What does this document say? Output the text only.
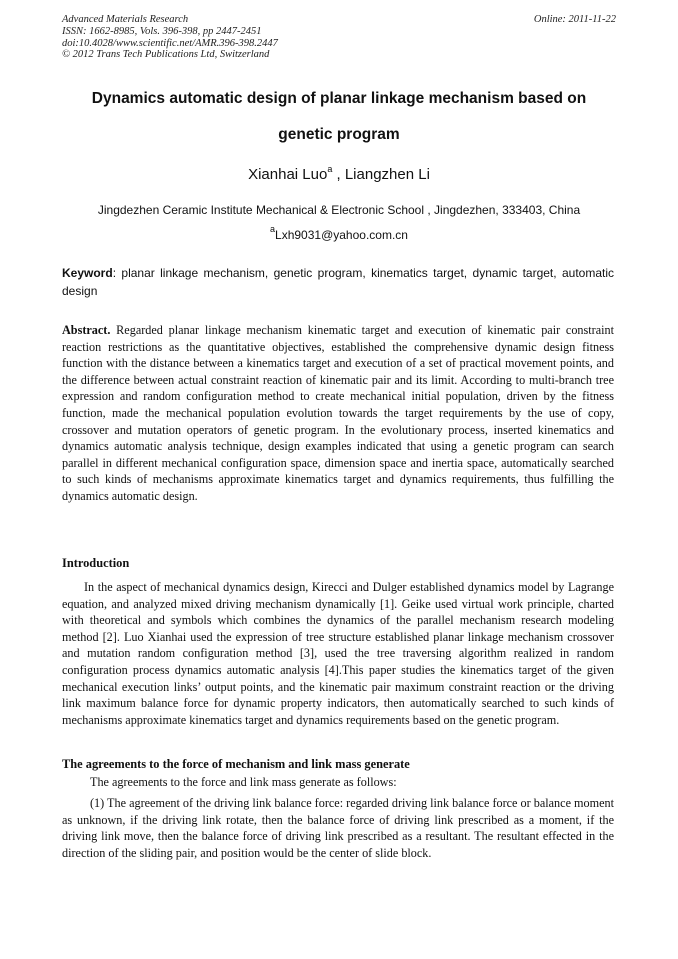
Advanced Materials Research
ISSN: 1662-8985, Vols. 396-398, pp 2447-2451
doi:10.4028/www.scientific.net/AMR.396-398.2447
© 2012 Trans Tech Publications Ltd, Switzerland
Online: 2011-11-22
Dynamics automatic design of planar linkage mechanism based on
genetic program
Xianhai Luo$^a$ , Liangzhen Li
Jingdezhen Ceramic Institute Mechanical & Electronic School , Jingdezhen, 333403, China
$^a$Lxh9031@yahoo.com.cn
Keyword: planar linkage mechanism, genetic program, kinematics target, dynamic target, automatic design
Abstract. Regarded planar linkage mechanism kinematic target and execution of kinematic pair constraint reaction restrictions as the quantitative objectives, established the comprehensive dynamic design fitness function with the distance between a kinematics target and execution of a set of practical movement points, and the difference between actual constraint reaction of kinematic pair and its limit. According to multi-branch tree expression and random configuration method to create mechanical initial population, driven by the fitness function, made the mechanical population evolution towards the target requirements by the use of copy, crossover and mutation operators of genetic program. In the evolutionary process, inserted kinematics and dynamics automatic analysis technique, design examples indicated that using a genetic program can search parallel in different mechanical configuration space, dimension space and inertia space, automatically searched to such kinds of mechanisms approximate kinematics target and dynamics requirements, thus fulfilling the dynamics automatic design.
Introduction
In the aspect of mechanical dynamics design, Kirecci and Dulger established dynamics model by Lagrange equation, and analyzed mixed driving mechanism dynamically [1]. Geike used virtual work principle, charted with theoretical and symbols which combines the dynamics of the parallel mechanism research modeling method [2]. Luo Xianhai used the expression of tree structure established planar linkage mechanism crossover and mutation random configuration method [3], used the tree traversing algorithm realized in random configuration process dynamics automatic analysis [4].This paper studies the kinematics target of the given mechanical execution links’ output points, and the kinematic pair maximum constraint reaction or the driving link maximum balance force for dynamic property indicators, then automatically searched to such kinds of mechanisms approximate kinematics target and dynamics requirements based on the genetic program.
The agreements to the force of mechanism and link mass generate
The agreements to the force and link mass generate as follows:
(1) The agreement of the driving link balance force: regarded driving link balance force or balance moment as unknown, if the driving link rotate, then the balance force of driving link prescribed as a moment, if the driving link move, then the balance force of driving link prescribed as a resultant. The resultant effected in the direction of the sliding pair, and position would be the center of slide block.
